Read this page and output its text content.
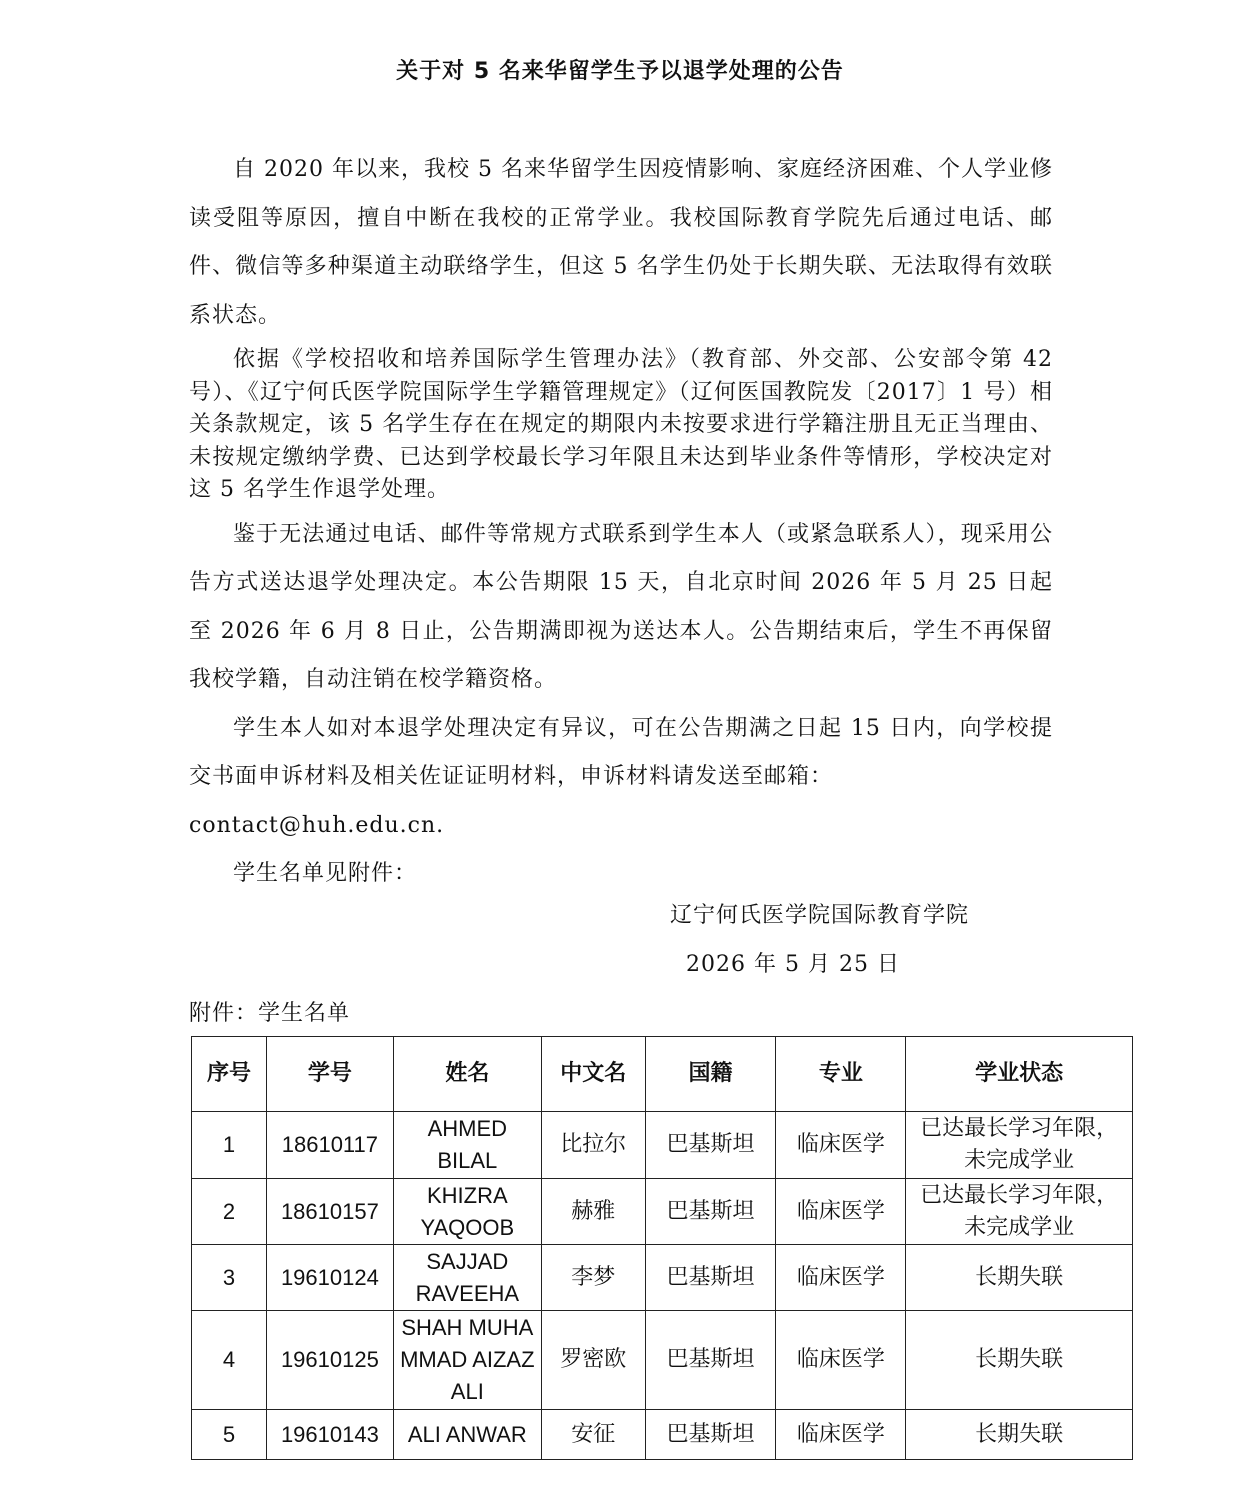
关于对 5 名来华留学生予以退学处理的公告

自 2020 年以来，我校 5 名来华留学生因疫情影响、家庭经济困难、个人学业修读受阻等原因，擅自中断在我校的正常学业。我校国际教育学院先后通过电话、邮件、微信等多种渠道主动联络学生，但这 5 名学生仍处于长期失联、无法取得有效联系状态。

依据《学校招收和培养国际学生管理办法》（教育部、外交部、公安部令第 42 号）、《辽宁何氏医学院国际学生学籍管理规定》（辽何医国教院发〔2017〕1 号）相关条款规定，该 5 名学生存在在规定的期限内未按要求进行学籍注册且无正当理由、未按规定缴纳学费、已达到学校最长学习年限且未达到毕业条件等情形，学校决定对这 5 名学生作退学处理。

鉴于无法通过电话、邮件等常规方式联系到学生本人（或紧急联系人），现采用公告方式送达退学处理决定。本公告期限 15 天，自北京时间 2026 年 5 月 25 日起至 2026 年 6 月 8 日止，公告期满即视为送达本人。公告期结束后，学生不再保留我校学籍，自动注销在校学籍资格。

学生本人如对本退学处理决定有异议，可在公告期满之日起 15 日内，向学校提交书面申诉材料及相关佐证证明材料，申诉材料请发送至邮箱：

contact@huh.edu.cn.

学生名单见附件：

辽宁何氏医学院国际教育学院
2026 年 5 月 25 日
附件：学生名单
序号	学号	姓名	中文名	国籍	专业	学业状态
1	18610117	AHMED BILAL	比拉尔	巴基斯坦	临床医学	已达最长学习年限，未完成学业
2	18610157	KHIZRA YAQOOB	赫雅	巴基斯坦	临床医学	已达最长学习年限，未完成学业
3	19610124	SAJJAD RAVEEHA	李梦	巴基斯坦	临床医学	长期失联
4	19610125	SHAH MUHAMMAD AIZAZ ALI	罗密欧	巴基斯坦	临床医学	长期失联
5	19610143	ALI ANWAR	安征	巴基斯坦	临床医学	长期失联
